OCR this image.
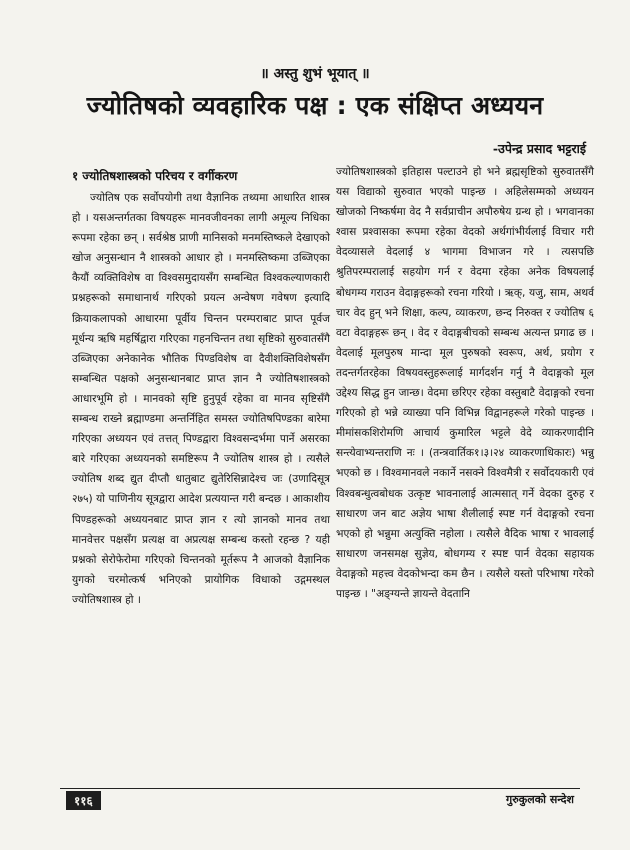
॥ अस्तु शुभं भूयात् ॥
ज्योतिषको व्यवहारिक पक्ष : एक संक्षिप्त अध्ययन
-उपेन्द्र प्रसाद भट्टराई
१ ज्योतिषशास्त्रको परिचय र वर्गीकरण

ज्योतिष एक सर्वोपयोगी तथा वैज्ञानिक तथ्यमा आधारित शास्त्र हो । यसअन्तर्गतका विषयहरू मानवजीवनका लागी अमूल्य निधिका रूपमा रहेका छन् । सर्वश्रेष्ठ प्राणी मानिसको मनमस्तिष्कले देखाएको खोज अनुसन्धान नै शास्त्रको आधार हो । मनमस्तिष्कमा उब्जिएका कैयौं व्यक्तिविशेष वा विश्वसमुदायसँग सम्बन्धित विश्वकल्याणकारी प्रश्नहरूको समाधानार्थ गरिएको प्रयत्न अन्वेषण गवेषण इत्यादि क्रियाकलापको आधारमा पूर्वीय चिन्तन परम्पराबाट प्राप्त पूर्वज मूर्धन्य ऋषि महर्षिद्वारा गरिएका गहनचिन्तन तथा सृष्टिको सुरुवातसँगै उब्जिएका अनेकानेक भौतिक पिण्डविशेष वा दैवीशक्तिविशेषसँग सम्बन्धित पक्षको अनुसन्धानबाट प्राप्त ज्ञान नै ज्योतिषशास्त्रको आधारभूमि हो । मानवको सृष्टि हुनुपूर्व रहेका वा मानव सृष्टिसँगै सम्बन्ध राख्ने ब्रह्माण्डमा अन्तर्निहित समस्त ज्योतिषपिण्डका बारेमा गरिएका अध्ययन एवं तत्तत् पिण्डद्वारा विश्वसन्दर्भमा पार्ने असरका बारे गरिएका अध्ययनको समष्टिरूप नै ज्योतिष शास्त्र हो । त्यसैले ज्योतिष शब्द द्युत दीप्तौ धातुबाट द्युतेरिसिन्नादेश्च जः (उणादिसूत्र २७५) यो पाणिनीय सूत्रद्वारा आदेश प्रत्ययान्त गरी बन्दछ । आकाशीय पिण्डहरूको अध्ययनबाट प्राप्त ज्ञान र त्यो ज्ञानको मानव तथा मानवेत्तर पक्षसँग प्रत्यक्ष वा अप्रत्यक्ष सम्बन्ध कस्तो रहन्छ ? यही प्रश्नको सेरोफेरोमा गरिएको चिन्तनको मूर्तरूप नै आजको वैज्ञानिक युगको चरमोत्कर्ष भनिएको प्रायोगिक विधाको उद्गमस्थल ज्योतिषशास्त्र हो ।

ज्योतिषशास्त्रको इतिहास पल्टाउने हो भने ब्रह्मसृष्टिको सुरुवातसँगै यस विद्याको सुरुवात भएको पाइन्छ । अहिलेसम्मको अध्ययन खोजको निष्कर्षमा वेद नै सर्वप्राचीन अपौरुषेय ग्रन्थ हो । भगवानका श्वास प्रश्वासका रूपमा रहेका वेदको अर्थगांभीर्यलाई विचार गरी वेदव्यासले वेदलाई ४ भागमा विभाजन गरे । त्यसपछि श्रुतिपरम्परालाई सहयोग गर्न र वेदमा रहेका अनेक विषयलाई बोधगम्य गराउन वेदाङ्गहरूको रचना गरियो । ऋक्, यजु, साम, अथर्व चार वेद हुन् भने शिक्षा, कल्प, व्याकरण, छन्द निरुक्त र ज्योतिष ६ वटा वेदाङ्गहरू छन् । वेद र वेदाङ्गबीचको सम्बन्ध अत्यन्त प्रगाढ छ । वेदलाई मूलपुरुष मान्दा मूल पुरुषको स्वरूप, अर्थ, प्रयोग र तदन्तर्गतरहेका विषयवस्तुहरूलाई मार्गदर्शन गर्नु नै वेदाङ्गको मूल उद्देश्य सिद्ध हुन जान्छ। वेदमा छरिएर रहेका वस्तुबाटै वेदाङ्गको रचना गरिएको हो भन्ने व्याख्या पनि विभिन्न विद्वानहरूले गरेको पाइन्छ । मीमांसकशिरोमणि आचार्य कुमारिल भट्टले वेदे व्याकरणादीनि सन्त्येवाभ्यन्तराणि नः । (तन्त्रवार्तिक१।३।२४ व्याकरणाधिकारः) भन्नु भएको छ । विश्वमानवले नकार्ने नसक्ने विश्वमैत्री र सर्वोदयकारी एवं विश्वबन्धुत्वबोधक उत्कृष्ट भावनालाई आत्मसात् गर्ने वेदका दुरुह र साधारण जन बाट अज्ञेय भाषा शैलीलाई स्पष्ट गर्न वेदाङ्गको रचना भएको हो भन्नुमा अत्युक्ति नहोला । त्यसैले वैदिक भाषा र भावलाई साधारण जनसमक्ष सुज्ञेय, बोधगम्य र स्पष्ट पार्न वेदका सहायक वेदाङ्गको महत्त्व वेदकोभन्दा कम छैन । त्यसैले यस्तो परिभाषा गरेको पाइन्छ । "अङ्ग्यन्ते ज्ञायन्ते वेदतानि

११६	गुरुकुलको सन्देश
